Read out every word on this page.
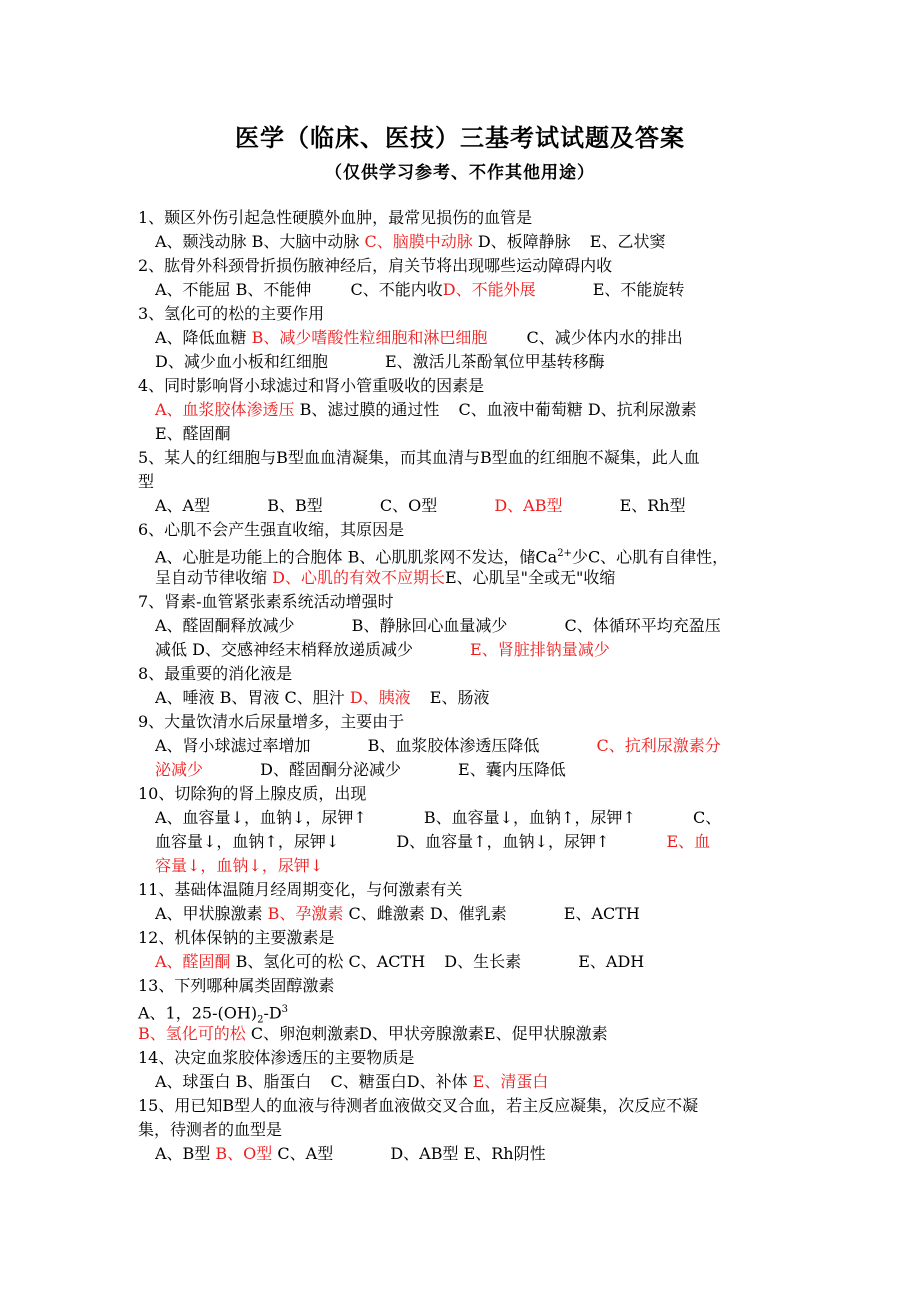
医学（临床、医技）三基考试试题及答案
（仅供学习参考、不作其他用途）
1、颞区外伤引起急性硬膜外血肿，最常见损伤的血管是
A、颞浅动脉 B、大脑中动脉 C、脑膜中动脉 D、板障静脉 E、乙状窦
2、肱骨外科颈骨折损伤腋神经后，肩关节将出现哪些运动障碍内收
A、不能屈 B、不能伸 C、不能内收D、不能外展	E、不能旋转
3、氢化可的松的主要作用
A、降低血糖 B、减少嗜酸性粒细胞和淋巴细胞 C、减少体内水的排出
D、减少血小板和红细胞	E、激活儿茶酚氧位甲基转移酶
4、同时影响肾小球滤过和肾小管重吸收的因素是
A、血浆胶体渗透压 B、滤过膜的通过性 C、血液中葡萄糖 D、抗利尿激素
E、醛固酮
5、某人的红细胞与B型血血清凝集，而其血清与B型血的红细胞不凝集，此人血
型
A、A型	B、B型	C、O型	D、AB型	E、Rh型
6、心肌不会产生强直收缩，其原因是
A、心脏是功能上的合胞体 B、心肌肌浆网不发达，储$Ca^{2+}$少C、心肌有自律性，
呈自动节律收缩 D、心肌的有效不应期长E、心肌呈"全或无"收缩
7、肾素-血管紧张素系统活动增强时
A、醛固酮释放减少	B、静脉回心血量减少	C、体循环平均充盈压
减低 D、交感神经末梢释放递质减少	E、肾脏排钠量减少
8、最重要的消化液是
A、唾液 B、胃液 C、胆汁 D、胰液 E、肠液
9、大量饮清水后尿量增多，主要由于
A、肾小球滤过率增加	B、血浆胶体渗透压降低	C、抗利尿激素分
泌减少	D、醛固酮分泌减少	E、囊内压降低
10、切除狗的肾上腺皮质，出现
A、血容量↓，血钠↓，尿钾↑	B、血容量↓，血钠↑，尿钾↑	C、
血容量↓，血钠↑，尿钾↓	D、血容量↑，血钠↓，尿钾↑	E、血
容量↓，血钠↓，尿钾↓
11、基础体温随月经周期变化，与何激素有关
A、甲状腺激素 B、孕激素 C、雌激素 D、催乳素	E、ACTH
12、机体保钠的主要激素是
A、醛固酮 B、氢化可的松 C、ACTH D、生长素	E、ADH
13、下列哪种属类固醇激素
A、1，$25-(OH)_2-D^3$
B、氢化可的松 C、卵泡刺激素D、甲状旁腺激素E、促甲状腺激素
14、决定血浆胶体渗透压的主要物质是
A、球蛋白 B、脂蛋白 C、糖蛋白D、补体 E、清蛋白
15、用已知B型人的血液与待测者血液做交叉合血，若主反应凝集，次反应不凝
集，待测者的血型是
A、B型 B、O型 C、A型	D、AB型 E、Rh阴性
